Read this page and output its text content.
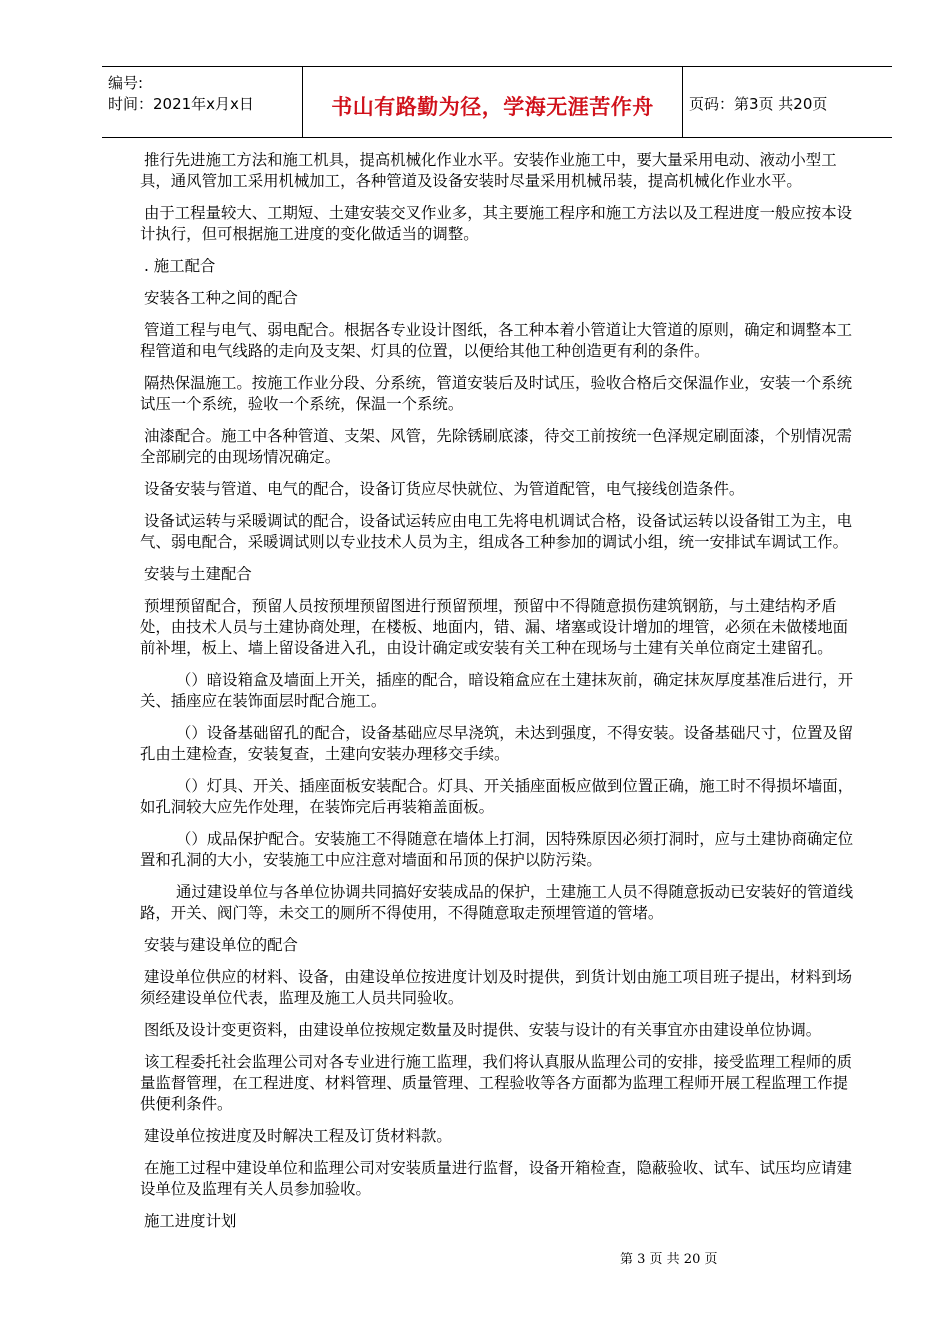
编号:
时间：2021年x月x日	书山有路勤为径，学海无涯苦作舟	页码：第3页 共20页

推行先进施工方法和施工机具，提高机械化作业水平。安装作业施工中，要大量采用电动、液动小型工具，通风管加工采用机械加工，各种管道及设备安装时尽量采用机械吊装，提高机械化作业水平。

由于工程量较大、工期短、土建安装交叉作业多，其主要施工程序和施工方法以及工程进度一般应按本设计执行，但可根据施工进度的变化做适当的调整。

. 施工配合

安装各工种之间的配合

管道工程与电气、弱电配合。根据各专业设计图纸，各工种本着小管道让大管道的原则，确定和调整本工程管道和电气线路的走向及支架、灯具的位置，以便给其他工种创造更有利的条件。

隔热保温施工。按施工作业分段、分系统，管道安装后及时试压，验收合格后交保温作业，安装一个系统试压一个系统，验收一个系统，保温一个系统。

油漆配合。施工中各种管道、支架、风管，先除锈刷底漆，待交工前按统一色泽规定刷面漆，个别情况需全部刷完的由现场情况确定。

设备安装与管道、电气的配合，设备订货应尽快就位、为管道配管，电气接线创造条件。

设备试运转与采暖调试的配合，设备试运转应由电工先将电机调试合格，设备试运转以设备钳工为主，电气、弱电配合，采暖调试则以专业技术人员为主，组成各工种参加的调试小组，统一安排试车调试工作。

安装与土建配合

预埋预留配合，预留人员按预埋预留图进行预留预埋，预留中不得随意损伤建筑钢筋，与土建结构矛盾处，由技术人员与土建协商处理，在楼板、地面内，错、漏、堵塞或设计增加的埋管，必须在未做楼地面前补埋，板上、墙上留设备进入孔，由设计确定或安装有关工种在现场与土建有关单位商定土建留孔。

（）暗设箱盒及墙面上开关，插座的配合，暗设箱盒应在土建抹灰前，确定抹灰厚度基准后进行，开关、插座应在装饰面层时配合施工。

（）设备基础留孔的配合，设备基础应尽早浇筑，未达到强度，不得安装。设备基础尺寸，位置及留孔由土建检查，安装复查，土建向安装办理移交手续。

（）灯具、开关、插座面板安装配合。灯具、开关插座面板应做到位置正确，施工时不得损坏墙面，如孔洞较大应先作处理，在装饰完后再装箱盖面板。

（）成品保护配合。安装施工不得随意在墙体上打洞，因特殊原因必须打洞时，应与土建协商确定位置和孔洞的大小，安装施工中应注意对墙面和吊顶的保护以防污染。

通过建设单位与各单位协调共同搞好安装成品的保护，土建施工人员不得随意扳动已安装好的管道线路，开关、阀门等，未交工的厕所不得使用，不得随意取走预埋管道的管堵。

安装与建设单位的配合

建设单位供应的材料、设备，由建设单位按进度计划及时提供，到货计划由施工项目班子提出，材料到场须经建设单位代表，监理及施工人员共同验收。

图纸及设计变更资料，由建设单位按规定数量及时提供、安装与设计的有关事宜亦由建设单位协调。

该工程委托社会监理公司对各专业进行施工监理，我们将认真服从监理公司的安排，接受监理工程师的质量监督管理，在工程进度、材料管理、质量管理、工程验收等各方面都为监理工程师开展工程监理工作提供便利条件。

建设单位按进度及时解决工程及订货材料款。

在施工过程中建设单位和监理公司对安装质量进行监督，设备开箱检查，隐蔽验收、试车、试压均应请建设单位及监理有关人员参加验收。

施工进度计划

第 3 页 共 20 页
